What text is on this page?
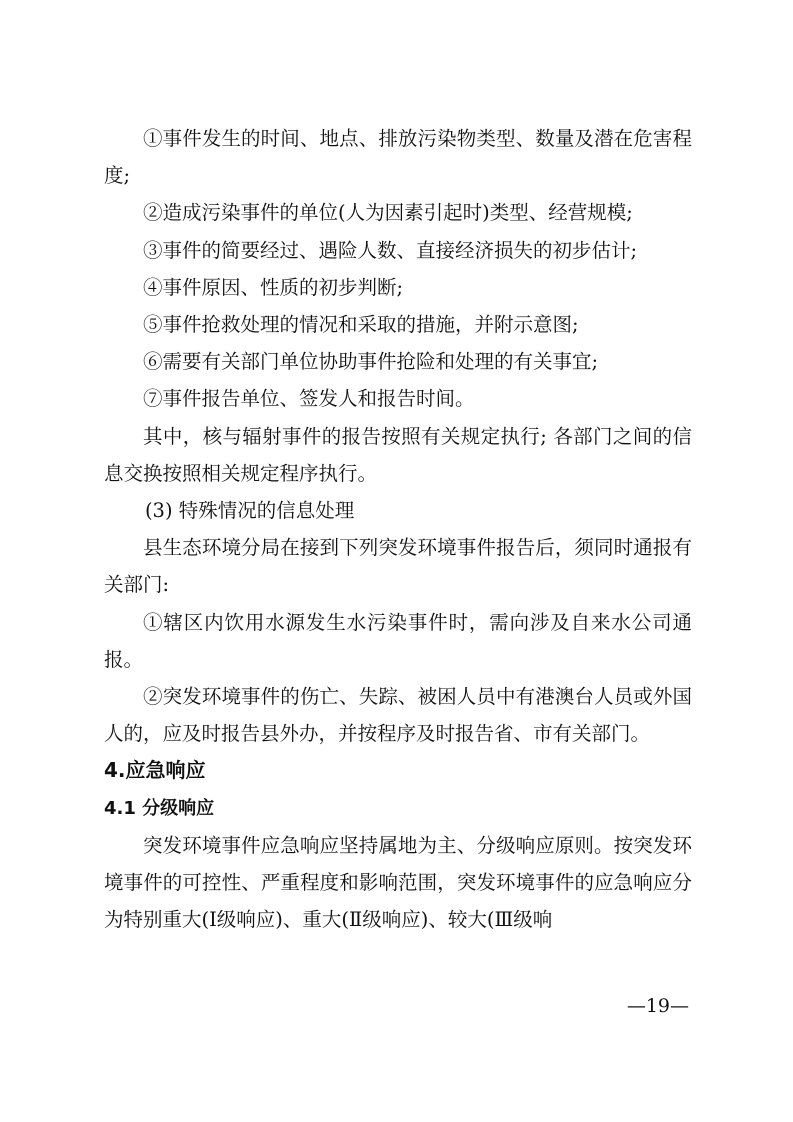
①事件发生的时间、地点、排放污染物类型、数量及潜在危害程度;

②造成污染事件的单位(人为因素引起时)类型、经营规模;

③事件的简要经过、遇险人数、直接经济损失的初步估计;

④事件原因、性质的初步判断;

⑤事件抢救处理的情况和采取的措施，并附示意图;

⑥需要有关部门单位协助事件抢险和处理的有关事宜;

⑦事件报告单位、签发人和报告时间。

其中，核与辐射事件的报告按照有关规定执行; 各部门之间的信息交换按照相关规定程序执行。

(3) 特殊情况的信息处理

县生态环境分局在接到下列突发环境事件报告后，须同时通报有关部门:

①辖区内饮用水源发生水污染事件时，需向涉及自来水公司通报。

②突发环境事件的伤亡、失踪、被困人员中有港澳台人员或外国人的，应及时报告县外办，并按程序及时报告省、市有关部门。

4.应急响应

4.1 分级响应

突发环境事件应急响应坚持属地为主、分级响应原则。按突发环境事件的可控性、严重程度和影响范围，突发环境事件的应急响应分为特别重大(Ⅰ级响应)、重大(Ⅱ级响应)、较大(Ⅲ级响

—19—
